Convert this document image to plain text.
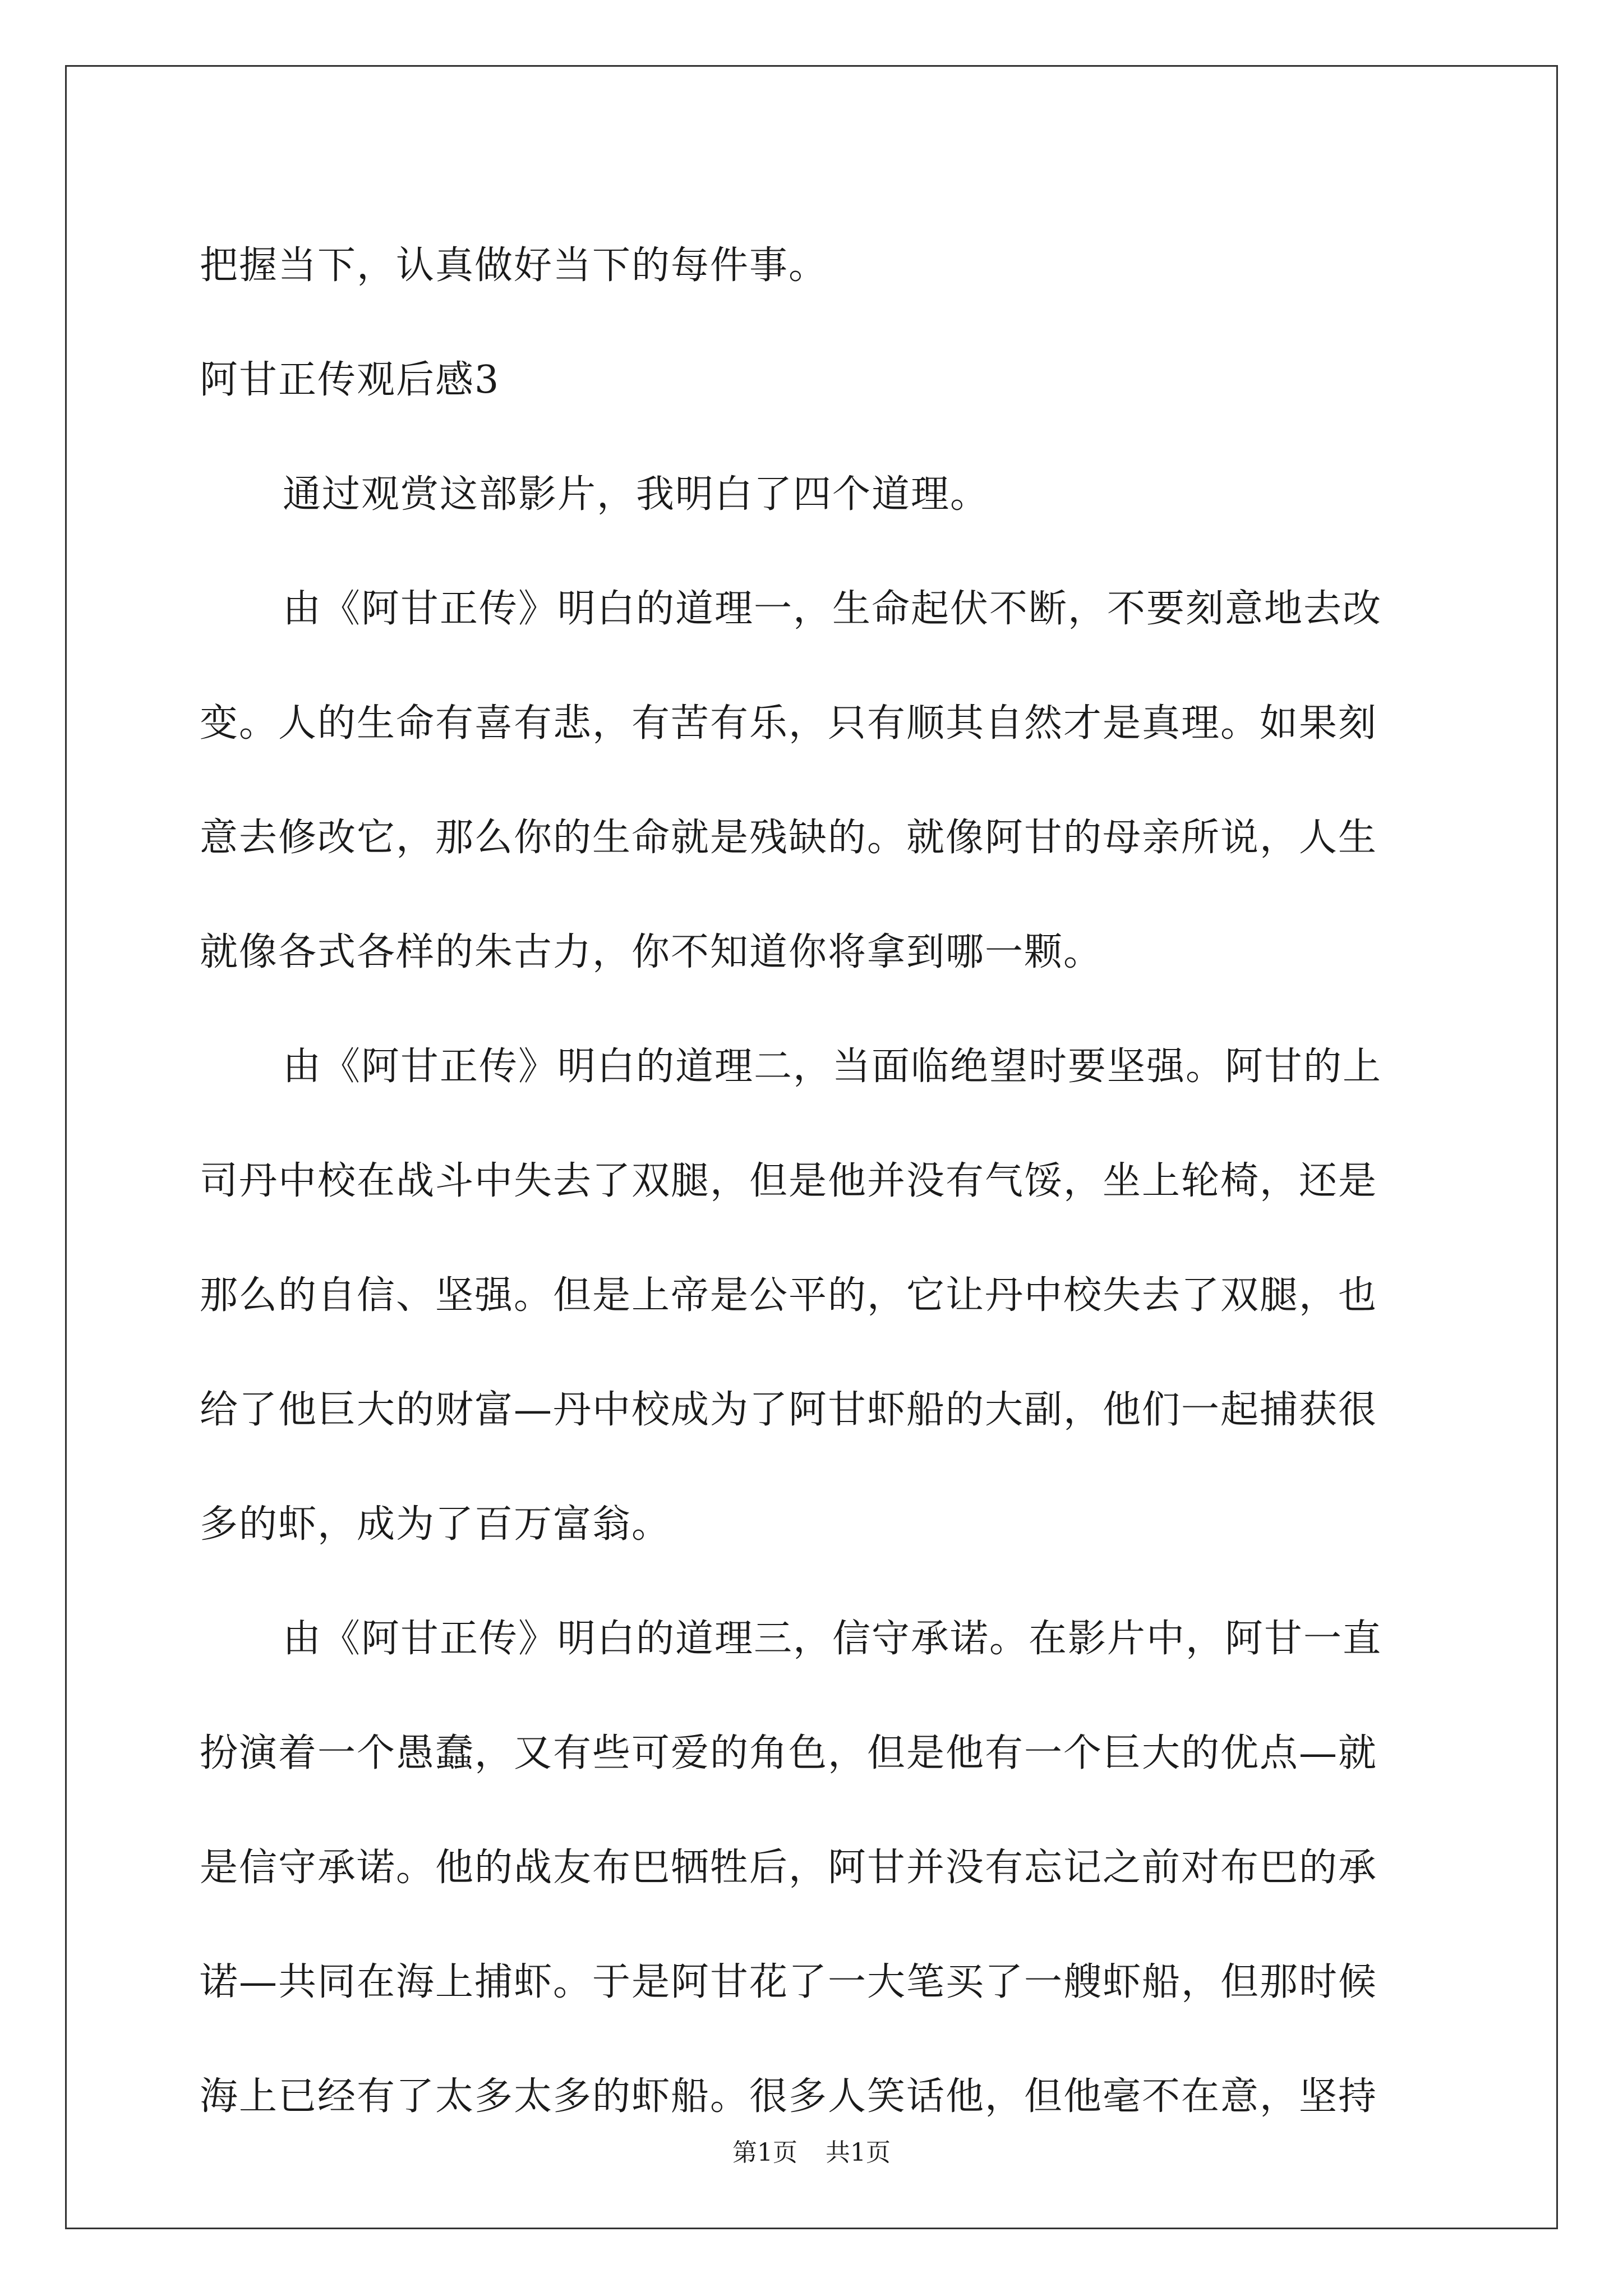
把握当下，认真做好当下的每件事。
阿甘正传观后感3
通过观赏这部影片，我明白了四个道理。
由《阿甘正传》明白的道理一，生命起伏不断，不要刻意地去改
变。人的生命有喜有悲，有苦有乐，只有顺其自然才是真理。如果刻
意去修改它，那么你的生命就是残缺的。就像阿甘的母亲所说，人生
就像各式各样的朱古力，你不知道你将拿到哪一颗。
由《阿甘正传》明白的道理二，当面临绝望时要坚强。阿甘的上
司丹中校在战斗中失去了双腿，但是他并没有气馁，坐上轮椅，还是
那么的自信、坚强。但是上帝是公平的，它让丹中校失去了双腿，也
给了他巨大的财富—丹中校成为了阿甘虾船的大副，他们一起捕获很
多的虾，成为了百万富翁。
由《阿甘正传》明白的道理三，信守承诺。在影片中，阿甘一直
扮演着一个愚蠢，又有些可爱的角色，但是他有一个巨大的优点—就
是信守承诺。他的战友布巴牺牲后，阿甘并没有忘记之前对布巴的承
诺—共同在海上捕虾。于是阿甘花了一大笔买了一艘虾船，但那时候
海上已经有了太多太多的虾船。很多人笑话他，但他毫不在意，坚持
第1页 共1页
